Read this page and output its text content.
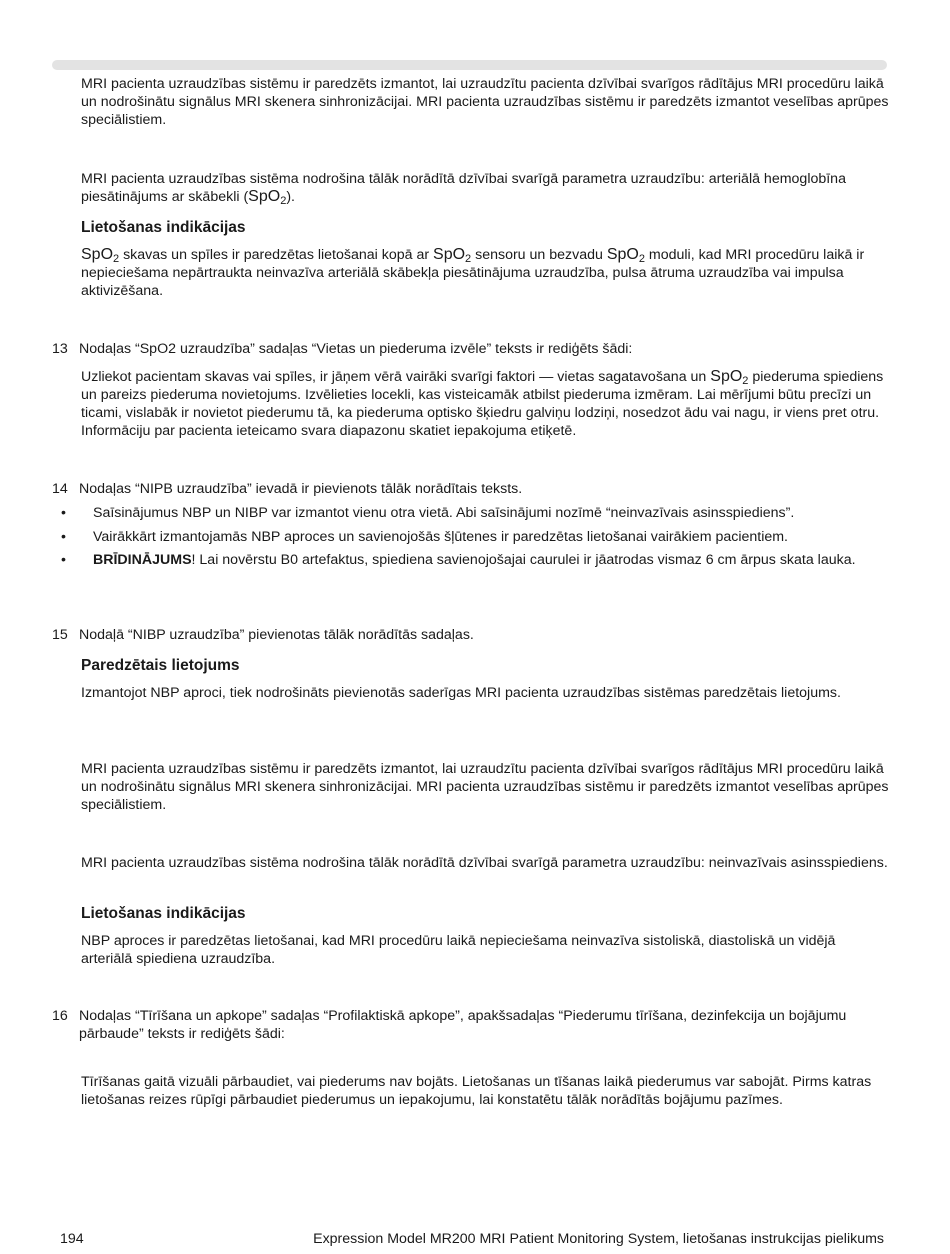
MRI pacienta uzraudzības sistēmu ir paredzēts izmantot, lai uzraudzītu pacienta dzīvībai svarīgos rādītājus MRI procedūru laikā un nodrošinātu signālus MRI skenera sinhronizācijai. MRI pacienta uzraudzības sistēmu ir paredzēts izmantot veselības aprūpes speciālistiem.

MRI pacienta uzraudzības sistēma nodrošina tālāk norādītā dzīvībai svarīgā parametra uzraudzību: arteriālā hemoglobīna piesātinājums ar skābekli (SpO$_2$).

Lietošanas indikācijas

SpO$_2$ skavas un spīles ir paredzētas lietošanai kopā ar SpO$_2$ sensoru un bezvadu SpO$_2$ moduli, kad MRI procedūru laikā ir nepieciešama nepārtraukta neinvazīva arteriālā skābekļa piesātinājuma uzraudzība, pulsa ātruma uzraudzība vai impulsa aktivizēšana.

13 Nodaļas “SpO2 uzraudzība” sadaļas “Vietas un piederuma izvēle” teksts ir rediģēts šādi:

Uzliekot pacientam skavas vai spīles, ir jāņem vērā vairāki svarīgi faktori — vietas sagatavošana un SpO$_2$ piederuma spiediens un pareizs piederuma novietojums. Izvēlieties locekli, kas visteicamāk atbilst piederuma izmēram. Lai mērījumi būtu precīzi un ticami, vislabāk ir novietot piederumu tā, ka piederuma optisko šķiedru galviņu lodziņi, nosedzot ādu vai nagu, ir viens pret otru. Informāciju par pacienta ieteicamo svara diapazonu skatiet iepakojuma etiķetē.

14 Nodaļas “NIPB uzraudzība” ievadā ir pievienots tālāk norādītais teksts.

• Saīsinājumus NBP un NIBP var izmantot vienu otra vietā. Abi saīsinājumi nozīmē “neinvazīvais asinsspiediens”.

• Vairākkārt izmantojamās NBP aproces un savienojošās šļūtenes ir paredzētas lietošanai vairākiem pacientiem.

• BRĪDINĀJUMS! Lai novērstu B0 artefaktus, spiediena savienojošajai caurulei ir jāatrodas vismaz 6 cm ārpus skata lauka.

15 Nodaļā “NIBP uzraudzība” pievienotas tālāk norādītās sadaļas.

Paredzētais lietojums

Izmantojot NBP aproci, tiek nodrošināts pievienotās saderīgas MRI pacienta uzraudzības sistēmas paredzētais lietojums.

MRI pacienta uzraudzības sistēmu ir paredzēts izmantot, lai uzraudzītu pacienta dzīvībai svarīgos rādītājus MRI procedūru laikā un nodrošinātu signālus MRI skenera sinhronizācijai. MRI pacienta uzraudzības sistēmu ir paredzēts izmantot veselības aprūpes speciālistiem.

MRI pacienta uzraudzības sistēma nodrošina tālāk norādītā dzīvībai svarīgā parametra uzraudzību: neinvazīvais asinsspiediens.

Lietošanas indikācijas

NBP aproces ir paredzētas lietošanai, kad MRI procedūru laikā nepieciešama neinvazīva sistoliskā, diastoliskā un vidējā arteriālā spiediena uzraudzība.

16 Nodaļas “Tīrīšana un apkope” sadaļas “Profilaktiskā apkope”, apakšsadaļas “Piederumu tīrīšana, dezinfekcija un bojājumu pārbaude” teksts ir rediģēts šādi:

Tīrīšanas gaitā vizuāli pārbaudiet, vai piederums nav bojāts. Lietošanas un tīšanas laikā piederumus var sabojāt. Pirms katras lietošanas reizes rūpīgi pārbaudiet piederumus un iepakojumu, lai konstatētu tālāk norādītās bojājumu pazīmes.

194	Expression Model MR200 MRI Patient Monitoring System, lietošanas instrukcijas pielikums
